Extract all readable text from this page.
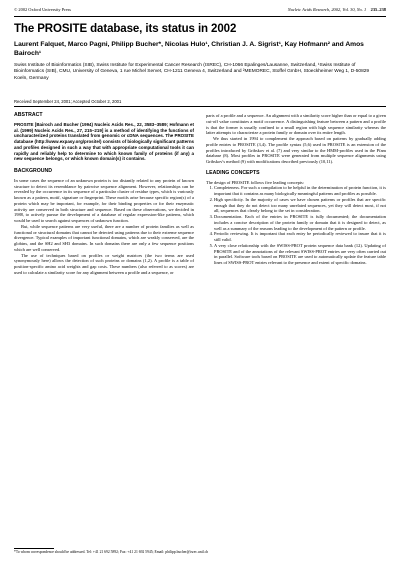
© 2002 Oxford University Press	Nucleic Acids Research, 2002, Vol. 30, No. 1 235–238
The PROSITE database, its status in 2002
Laurent Falquet, Marco Pagni, Philipp Bucher*, Nicolas Hulo¹, Christian J. A. Sigrist¹, Kay Hofmann² and Amos Bairoch¹
Swiss Institute of Bioinformatics (SIB), Swiss Institute for Experimental Cancer Research (ISREC), CH-1066 Epalinges/Lausanne, Switzerland, ¹Swiss Institute of Bioinformatics (SIB), CMU, University of Geneva, 1 rue Michel Servet, CH-1211 Geneva 4, Switzerland and ²MEMOREC, Stoffel GmbH, Stoeckheimer Weg 1, D-50829 Koeln, Germany
Received September 24, 2001; Accepted October 2, 2001
ABSTRACT
PROSITE [Bairoch and Bucher (1994) Nucleic Acids Res., 22, 3583–3589; Hofmann et al. (1999) Nucleic Acids Res., 27, 215–219] is a method of identifying the functions of uncharacterized proteins translated from genomic or cDNA sequences. The PROSITE database (http://www.expasy.org/prosite/) consists of biologically significant patterns and profiles designed in such a way that with appropriate computational tools it can rapidly and reliably help to determine to which known family of proteins (if any) a new sequence belongs, or which known domain(s) it contains.
BACKGROUND

In some cases the sequence of an unknown protein is too distantly related to any protein of known structure to detect its resemblance by pairwise sequence alignment. However, relationships can be revealed by the occurrence in its sequence of a particular cluster of residue types, which is variously known as a pattern, motif, signature or fingerprint. These motifs arise because specific region(s) of a protein which may be important, for example, for their binding properties or for their enzymatic activity are conserved in both structure and sequence. Based on these observations, we decided in 1988, to actively pursue the development of a database of regular expression-like patterns, which would be used to search against sequences of unknown function.

But, while sequence patterns are very useful, there are a number of protein families as well as functional or structural domains that cannot be detected using patterns due to their extreme sequence divergence. Typical examples of important functional domains, which are weakly conserved, are the globins, and the SH2 and SH3 domains. In such domains there are only a few sequence positions which are well conserved.

The use of techniques based on profiles or weight matrices (the two terms are used synonymously here) allows the detection of such proteins or domains (1,2). A profile is a table of position-specific amino acid weights and gap costs. These numbers (also referred to as scores) are used to calculate a similarity score for any alignment between a profile and a sequence, or

parts of a profile and a sequence. An alignment with a similarity score higher than or equal to a given cut-off value constitutes a motif occurrence. A distinguishing feature between a pattern and a profile is that the former is usually confined to a small region with high sequence similarity whereas the latter attempts to characterize a protein family or domain over its entire length.

We thus started in 1994 to complement the approach based on patterns by gradually adding profile entries to PROSITE (3,4). The profile syntax (5,6) used in PROSITE is an extension of the profiles introduced by Gribskov et al. (7) and very similar to the HMM-profiles used in the Pfam database (8). Most profiles in PROSITE were generated from multiple sequence alignments using Gribskov's method (9) with modifications described previously (10,11).

LEADING CONCEPTS

The design of PROSITE follows five leading concepts:

1. Completeness. For such a compilation to be helpful in the determination of protein function, it is important that it contains as many biologically meaningful patterns and profiles as possible.
2. High specificity. In the majority of cases we have chosen patterns or profiles that are specific enough that they do not detect too many unrelated sequences, yet they will detect most, if not all, sequences that clearly belong to the set in consideration.
3. Documentation. Each of the entries in PROSITE is fully documented; the documentation includes a concise description of the protein family or domain that it is designed to detect, as well as a summary of the reasons leading to the development of the pattern or profile.
4. Periodic reviewing. It is important that each entry be periodically reviewed to insure that it is still valid.
5. A very close relationship with the SWISS-PROT protein sequence data bank (12). Updating of PROSITE and of the annotations of the relevant SWISS-PROT entries are very often carried out in parallel. Software tools based on PROSITE are used to automatically update the feature table lines of SWISS-PROT entries relevant to the presence and extent of specific domains.
*To whom correspondence should be addressed. Tel: +41 21 692 5892; Fax: +41 21 692 5945; Email: philipp.bucher@isrec.unil.ch
